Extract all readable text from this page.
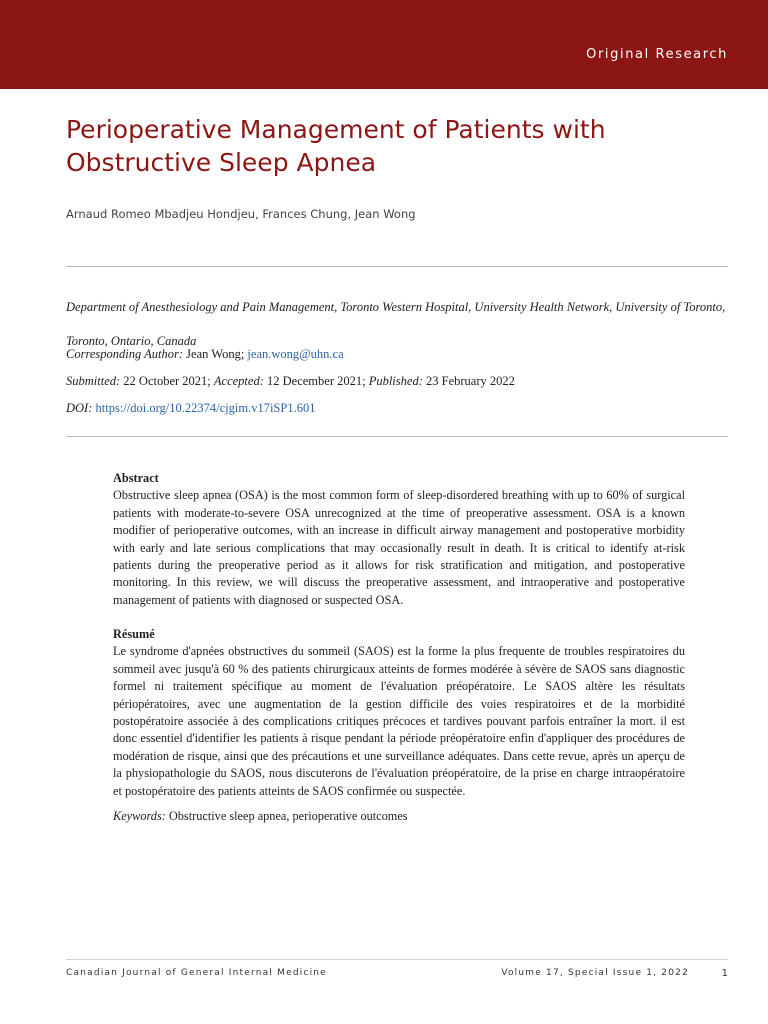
Original Research
Perioperative Management of Patients with Obstructive Sleep Apnea
Arnaud Romeo Mbadjeu Hondjeu, Frances Chung, Jean Wong
Department of Anesthesiology and Pain Management, Toronto Western Hospital, University Health Network, University of Toronto, Toronto, Ontario, Canada
Corresponding Author: Jean Wong; jean.wong@uhn.ca
Submitted: 22 October 2021; Accepted: 12 December 2021; Published: 23 February 2022
DOI: https://doi.org/10.22374/cjgim.v17iSP1.601

Abstract

Obstructive sleep apnea (OSA) is the most common form of sleep-disordered breathing with up to 60% of surgical patients with moderate-to-severe OSA unrecognized at the time of preoperative assessment. OSA is a known modifier of perioperative outcomes, with an increase in difficult airway management and postoperative morbidity with early and late serious complications that may occasionally result in death. It is critical to identify at-risk patients during the preoperative period as it allows for risk stratification and mitigation, and postoperative monitoring. In this review, we will discuss the preoperative assessment, and intraoperative and postoperative management of patients with diagnosed or suspected OSA.

Résumé

Le syndrome d'apnées obstructives du sommeil (SAOS) est la forme la plus frequente de troubles respiratoires du sommeil avec jusqu'à 60 % des patients chirurgicaux atteints de formes modérée à sévère de SAOS sans diagnostic formel ni traitement spécifique au moment de l'évaluation préopératoire. Le SAOS altère les résultats périopératoires, avec une augmentation de la gestion difficile des voies respiratoires et de la morbidité postopératoire associée à des complications critiques précoces et tardives pouvant parfois entraîner la mort. il est donc essentiel d'identifier les patients à risque pendant la période préopératoire enfin d'appliquer des procédures de modération de risque, ainsi que des précautions et une surveillance adéquates. Dans cette revue, après un aperçu de la physiopathologie du SAOS, nous discuterons de l'évaluation préopératoire, de la prise en charge intraopératoire et postopératoire des patients atteints de SAOS confirmée ou suspectée.

Keywords: Obstructive sleep apnea, perioperative outcomes
Canadian Journal of General Internal Medicine	Volume 17, Special Issue 1, 2022	1
